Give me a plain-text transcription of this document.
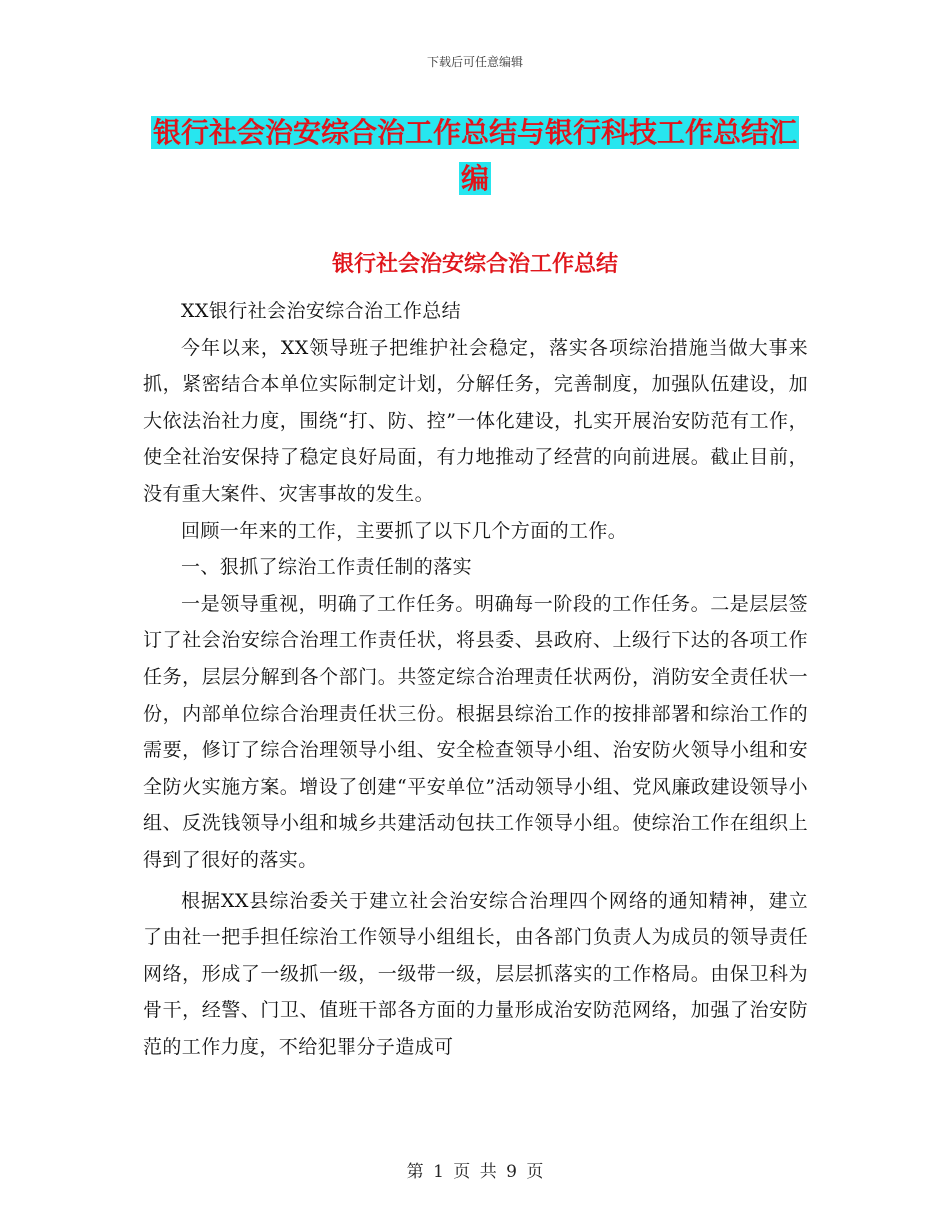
下载后可任意编辑
银行社会治安综合治工作总结与银行科技工作总结汇
编
银行社会治安综合治工作总结

XX银行社会治安综合治工作总结

今年以来，XX领导班子把维护社会稳定，落实各项综治措施当做大事来抓，紧密结合本单位实际制定计划，分解任务，完善制度，加强队伍建设，加大依法治社力度，围绕“打、防、控”一体化建设，扎实开展治安防范有工作，使全社治安保持了稳定良好局面，有力地推动了经营的向前进展。截止目前，没有重大案件、灾害事故的发生。

回顾一年来的工作，主要抓了以下几个方面的工作。

一、狠抓了综治工作责任制的落实

一是领导重视，明确了工作任务。明确每一阶段的工作任务。二是层层签订了社会治安综合治理工作责任状，将县委、县政府、上级行下达的各项工作任务，层层分解到各个部门。共签定综合治理责任状两份，消防安全责任状一份，内部单位综合治理责任状三份。根据县综治工作的按排部署和综治工作的需要，修订了综合治理领导小组、安全检查领导小组、治安防火领导小组和安全防火实施方案。增设了创建“平安单位”活动领导小组、党风廉政建设领导小组、反洗钱领导小组和城乡共建活动包扶工作领导小组。使综治工作在组织上得到了很好的落实。

根据XX县综治委关于建立社会治安综合治理四个网络的通知精神，建立了由社一把手担任综治工作领导小组组长，由各部门负责人为成员的领导责任网络，形成了一级抓一级，一级带一级，层层抓落实的工作格局。由保卫科为骨干，经警、门卫、值班干部各方面的力量形成治安防范网络，加强了治安防范的工作力度，不给犯罪分子造成可

第 1 页 共 9 页
